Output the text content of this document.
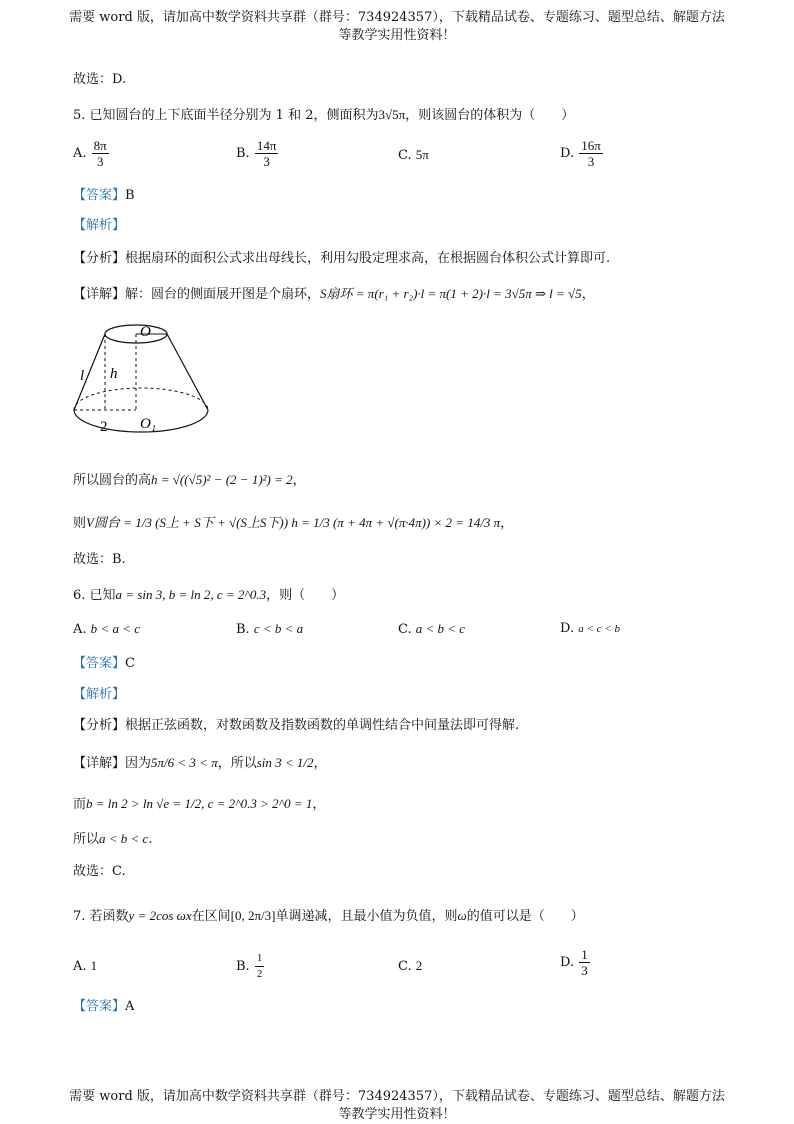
需要 word 版，请加高中数学资料共享群（群号：734924357），下载精品试卷、专题练习、题型总结、解题方法
等教学实用性资料！
故选：D.
5. 已知圆台的上下底面半径分别为 1 和 2，侧面积为3√5π，则该圆台的体积为（　　）
A. $\frac{8\pi}{3}$	B. $\frac{14\pi}{3}$	C. 5π	D. $\frac{16\pi}{3}$
【答案】B
【解析】
【分析】根据扇环的面积公式求出母线长，利用勾股定理求高，在根据圆台体积公式计算即可.
【详解】解：圆台的侧面展开图是个扇环，S扇环 = π(r₁ + r₂)·l = π(1 + 2)·l = 3√5π ⇒ l = √5，
O
l h
2 O₁
所以圆台的高h = √((√5)² − (2 − 1)²) = 2，
则V圆台 = 1/3 (S上 + S下 + √(S上S下)) h = 1/3 (π + 4π + √(π·4π)) × 2 = 14/3 π，
故选：B.
6. 已知a = sin 3, b = ln 2, c = 2^0.3，则（　　）
A. b < a < c	B. c < b < a	C. a < b < c	D. a < c < b
【答案】C
【解析】
【分析】根据正弦函数，对数函数及指数函数的单调性结合中间量法即可得解.
【详解】因为5π/6 < 3 < π，所以sin 3 < 1/2，
而b = ln 2 > ln √e = 1/2, c = 2^0.3 > 2^0 = 1，
所以a < b < c.
故选：C.
7. 若函数y = 2cos ωx在区间[0, 2π/3]单调递减，且最小值为负值，则ω的值可以是（　　）
A. 1	B. $\frac{1}{2}$	C. 2	D. $\frac{1}{3}$
【答案】A
需要 word 版，请加高中数学资料共享群（群号：734924357），下载精品试卷、专题练习、题型总结、解题方法
等教学实用性资料！
